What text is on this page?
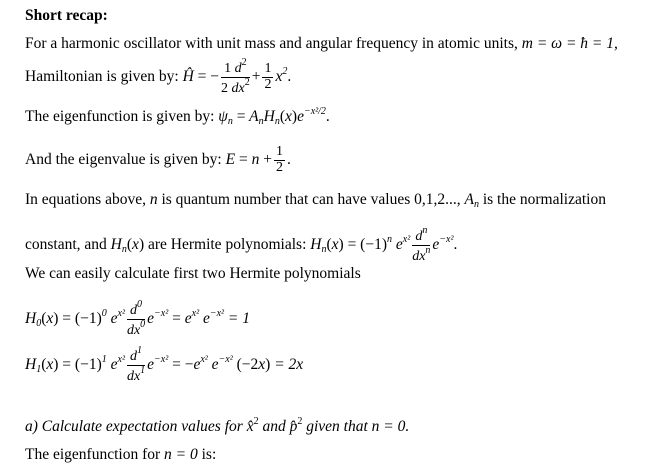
Short recap:
For a harmonic oscillator with unit mass and angular frequency in atomic units, m = ω = ħ = 1,
Hamiltonian is given by: Ĥ = − $\frac{1 d^2}{2 dx^2} + \frac{1}{2} x^2$.
The eigenfunction is given by: $\psi_n = A_nH_n(x)e^{-x^2/2}$.
And the eigenvalue is given by: $E = n + \frac{1}{2}$ .
In equations above, n is quantum number that can have values 0,1,2..., $A_n$ is the normalization
constant, and $H_n(x)$ are Hermite polynomials: $H_n(x) = (-1)^n$ $e^{x^2} \frac{d^n}{dx^n} e^{-x^2}$.
We can easily calculate first two Hermite polynomials
$H_0(x) = (-1)^0$ $e^{x^2} \frac{d^0}{dx^0} e^{-x^2} = e^{x^2}$ $e^{-x^2} = 1$
$H_1(x) = (-1)^1$ $e^{x^2} \frac{d^1}{dx^1} e^{-x^2} = -e^{x^2}$ $e^{-x^2}$ (−2x) = 2x
a) Calculate expectation values for x̂$^2$ and p̂$^2$ given that n = 0.
The eigenfunction for n = 0 is:
